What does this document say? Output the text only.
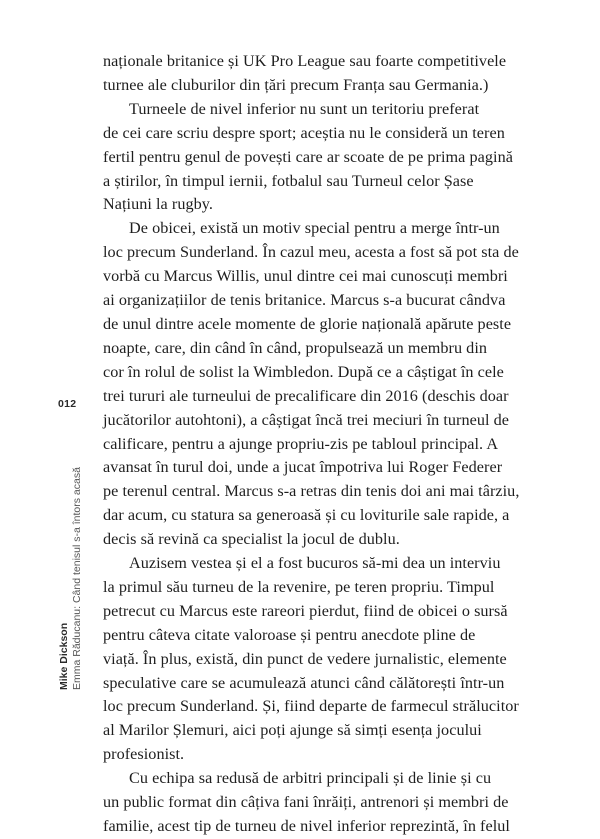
naționale britanice și UK Pro League sau foarte competitivele
turnee ale cluburilor din țări precum Franța sau Germania.)

Turneele de nivel inferior nu sunt un teritoriu preferat
de cei care scriu despre sport; aceștia nu le consideră un teren
fertil pentru genul de povești care ar scoate de pe prima pagină
a știrilor, în timpul iernii, fotbalul sau Turneul celor Șase
Națiuni la rugby.

De obicei, există un motiv special pentru a merge într-un
loc precum Sunderland. În cazul meu, acesta a fost să pot sta de
vorbă cu Marcus Willis, unul dintre cei mai cunoscuți membri
ai organizațiilor de tenis britanice. Marcus s-a bucurat cândva
de unul dintre acele momente de glorie națională apărute peste
noapte, care, din când în când, propulsează un membru din
cor în rolul de solist la Wimbledon. După ce a câștigat în cele
trei tururi ale turneului de precalificare din 2016 (deschis doar
jucătorilor autohtoni), a câștigat încă trei meciuri în turneul de
calificare, pentru a ajunge propriu-zis pe tabloul principal. A
avansat în turul doi, unde a jucat împotriva lui Roger Federer
pe terenul central. Marcus s-a retras din tenis doi ani mai târziu,
dar acum, cu statura sa generoasă și cu loviturile sale rapide, a
decis să revină ca specialist la jocul de dublu.

Auzisem vestea și el a fost bucuros să-mi dea un interviu
la primul său turneu de la revenire, pe teren propriu. Timpul
petrecut cu Marcus este rareori pierdut, fiind de obicei o sursă
pentru câteva citate valoroase și pentru anecdote pline de
viață. În plus, există, din punct de vedere jurnalistic, elemente
speculative care se acumulează atunci când călătorești într-un
loc precum Sunderland. Și, fiind departe de farmecul strălucitor
al Marilor Șlemuri, aici poți ajunge să simți esența jocului
profesionist.

Cu echipa sa redusă de arbitri principali și de linie și cu
un public format din câțiva fani înrăiți, antrenori și membri de
familie, acest tip de turneu de nivel inferior reprezintă, în felul

012
Mike Dickson Emma Răducanu: Când tenisul s-a întors acasă
